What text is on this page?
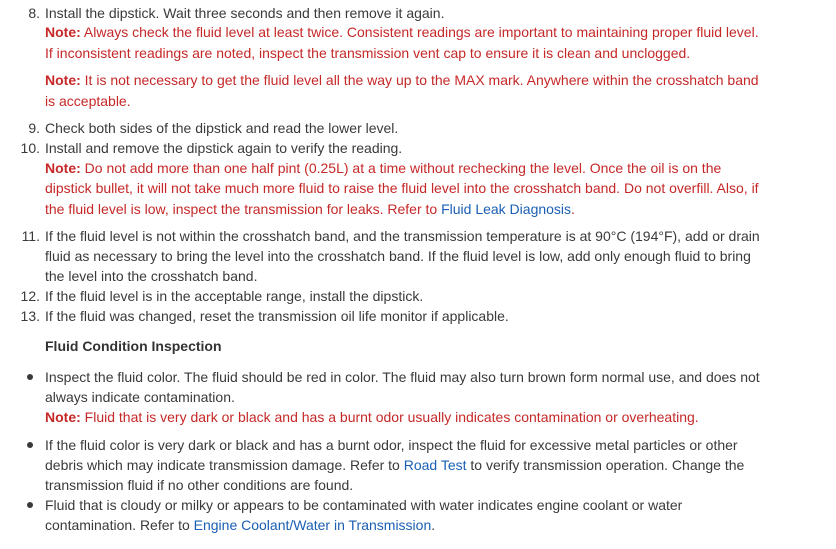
8. Install the dipstick. Wait three seconds and then remove it again.
Note: Always check the fluid level at least twice. Consistent readings are important to maintaining proper fluid level.
If inconsistent readings are noted, inspect the transmission vent cap to ensure it is clean and unclogged.
Note: It is not necessary to get the fluid level all the way up to the MAX mark. Anywhere within the crosshatch band
is acceptable.
9. Check both sides of the dipstick and read the lower level.
10. Install and remove the dipstick again to verify the reading.
Note: Do not add more than one half pint (0.25L) at a time without rechecking the level. Once the oil is on the
dipstick bullet, it will not take much more fluid to raise the fluid level into the crosshatch band. Do not overfill. Also, if
the fluid level is low, inspect the transmission for leaks. Refer to Fluid Leak Diagnosis.
11. If the fluid level is not within the crosshatch band, and the transmission temperature is at 90°C (194°F), add or drain
fluid as necessary to bring the level into the crosshatch band. If the fluid level is low, add only enough fluid to bring
the level into the crosshatch band.
12. If the fluid level is in the acceptable range, install the dipstick.
13. If the fluid was changed, reset the transmission oil life monitor if applicable.
Fluid Condition Inspection
Inspect the fluid color. The fluid should be red in color. The fluid may also turn brown form normal use, and does not
always indicate contamination.
Note: Fluid that is very dark or black and has a burnt odor usually indicates contamination or overheating.
If the fluid color is very dark or black and has a burnt odor, inspect the fluid for excessive metal particles or other
debris which may indicate transmission damage. Refer to Road Test to verify transmission operation. Change the
transmission fluid if no other conditions are found.
Fluid that is cloudy or milky or appears to be contaminated with water indicates engine coolant or water
contamination. Refer to Engine Coolant/Water in Transmission.
